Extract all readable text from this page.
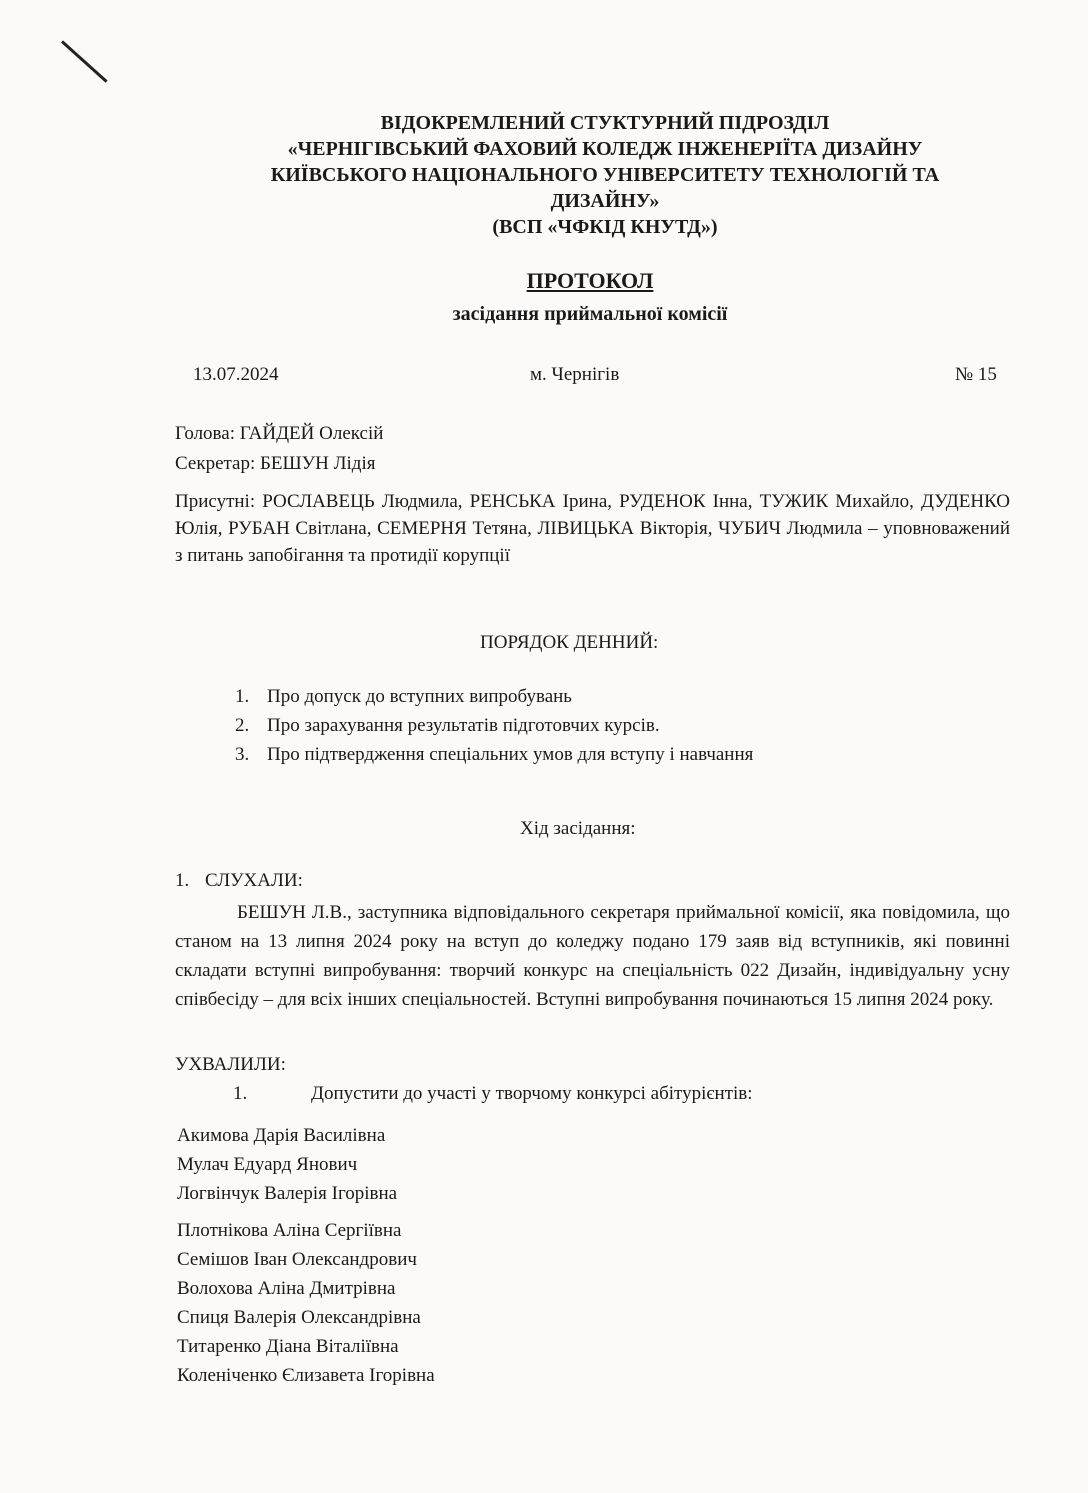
ВІДОКРЕМЛЕНИЙ СТУКТУРНИЙ ПІДРОЗДІЛ
«ЧЕРНІГІВСЬКИЙ ФАХОВИЙ КОЛЕДЖ ІНЖЕНЕРІЇТА ДИЗАЙНУ
КИЇВСЬКОГО НАЦІОНАЛЬНОГО УНІВЕРСИТЕТУ ТЕХНОЛОГІЙ ТА
ДИЗАЙНУ»
(ВСП «ЧФКІД КНУТД»)
ПРОТОКОЛ
засідання приймальної комісії
13.07.2024	м. Чернігів	№ 15
Голова: ГАЙДЕЙ Олексій
Секретар: БЕШУН Лідія
Присутні: РОСЛАВЕЦЬ Людмила, РЕНСЬКА Ірина, РУДЕНОК Інна, ТУЖИК Михайло, ДУДЕНКО Юлія, РУБАН Світлана, СЕМЕРНЯ Тетяна, ЛІВИЦЬКА Вікторія, ЧУБИЧ Людмила – уповноважений з питань запобігання та протидії корупції
ПОРЯДОК ДЕННИЙ:
1. Про допуск до вступних випробувань
2. Про зарахування результатів підготовчих курсів.
3. Про підтвердження спеціальних умов для вступу і навчання
Хід засідання:
1. СЛУХАЛИ:
БЕШУН Л.В., заступника відповідального секретаря приймальної комісії, яка повідомила, що станом на 13 липня 2024 року на вступ до коледжу подано 179 заяв від вступників, які повинні складати вступні випробування: творчий конкурс на спеціальність 022 Дизайн, індивідуальну усну співбесіду – для всіх інших спеціальностей. Вступні випробування починаються 15 липня 2024 року.
УХВАЛИЛИ:
1.	Допустити до участі у творчому конкурсі абітурієнтів:
Акимова Дарія Василівна
Мулач Едуард Янович
Логвінчук Валерія Ігорівна
Плотнікова Аліна Сергіївна
Семішов Іван Олександрович
Волохова Аліна Дмитрівна
Спиця Валерія Олександрівна
Титаренко Діана Віталіївна
Коленіченко Єлизавета Ігорівна
